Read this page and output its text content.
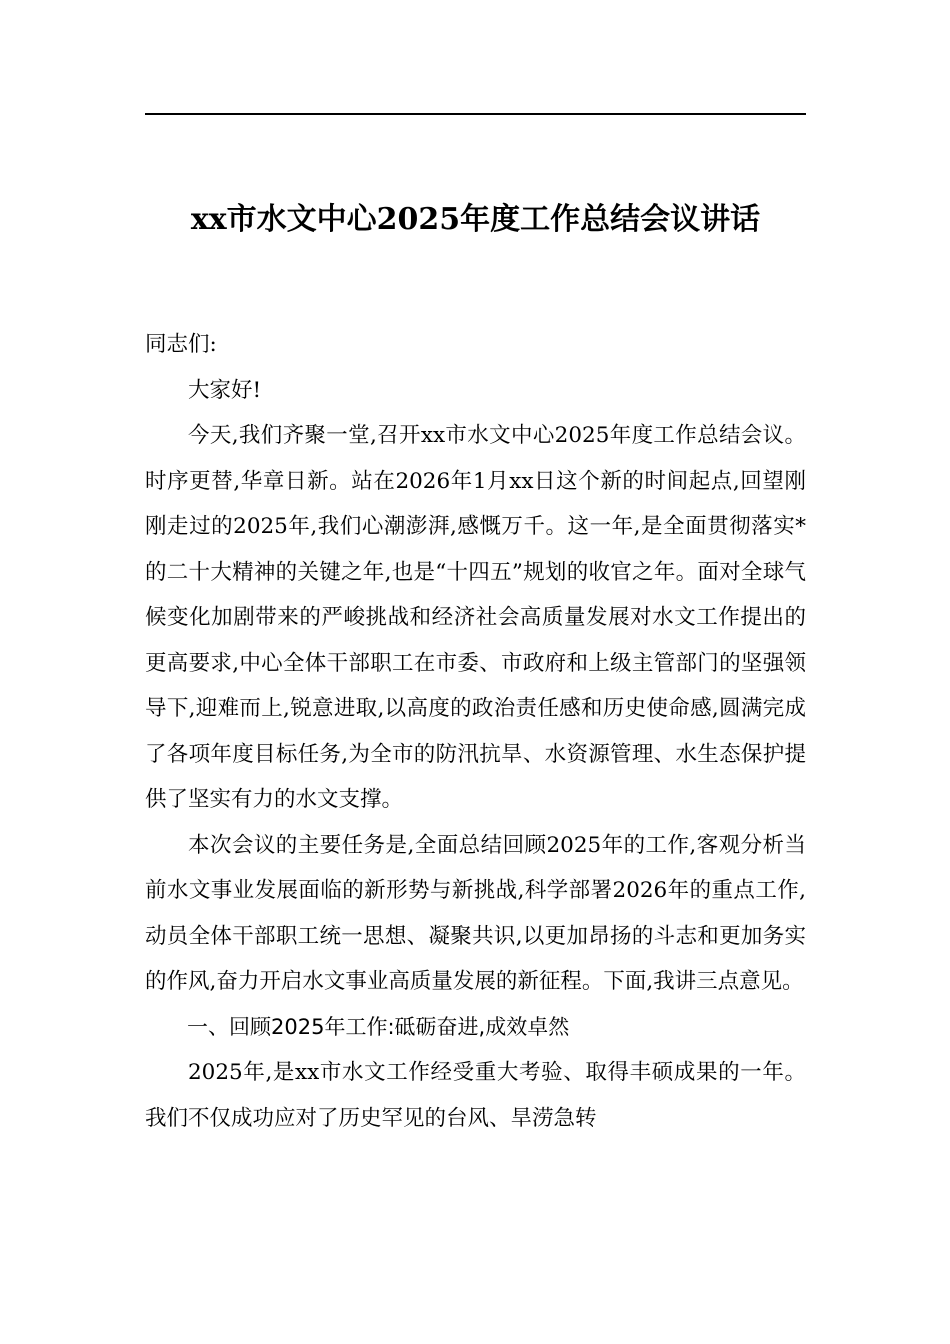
xx市水文中心2025年度工作总结会议讲话

同志们:

大家好!

今天,我们齐聚一堂,召开xx市水文中心2025年度工作总结会议。时序更替,华章日新。站在2026年1月xx日这个新的时间起点,回望刚刚走过的2025年,我们心潮澎湃,感慨万千。这一年,是全面贯彻落实*的二十大精神的关键之年,也是“十四五”规划的收官之年。面对全球气候变化加剧带来的严峻挑战和经济社会高质量发展对水文工作提出的更高要求,中心全体干部职工在市委、市政府和上级主管部门的坚强领导下,迎难而上,锐意进取,以高度的政治责任感和历史使命感,圆满完成了各项年度目标任务,为全市的防汛抗旱、水资源管理、水生态保护提供了坚实有力的水文支撑。

本次会议的主要任务是,全面总结回顾2025年的工作,客观分析当前水文事业发展面临的新形势与新挑战,科学部署2026年的重点工作,动员全体干部职工统一思想、凝聚共识,以更加昂扬的斗志和更加务实的作风,奋力开启水文事业高质量发展的新征程。下面,我讲三点意见。

一、回顾2025年工作:砥砺奋进,成效卓然

2025年,是xx市水文工作经受重大考验、取得丰硕成果的一年。我们不仅成功应对了历史罕见的台风、旱涝急转
